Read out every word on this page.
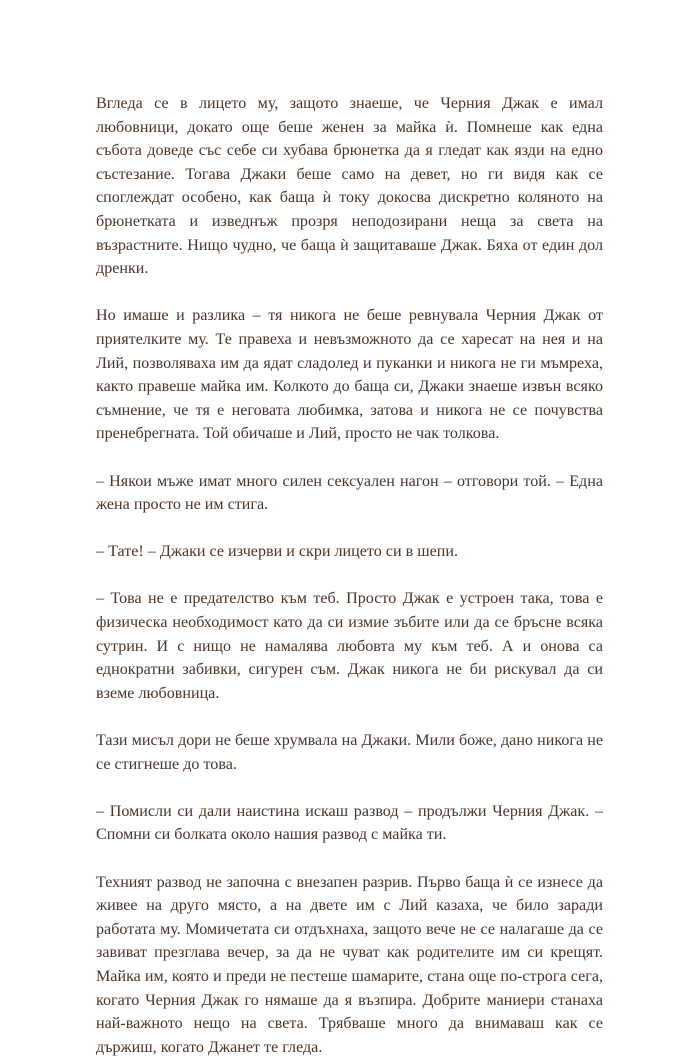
Вгледа се в лицето му, защото знаеше, че Черния Джак е имал любовници, докато още беше женен за майка ѝ. Помнеше как една събота доведе със себе си хубава брюнетка да я гледат как язди на едно състезание. Тогава Джаки беше само на девет, но ги видя как се споглеждат особено, как баща ѝ току докосва дискретно коляното на брюнетката и изведнъж прозря неподозирани неща за света на възрастните. Нищо чудно, че баща ѝ защитаваше Джак. Бяха от един дол дренки.

Но имаше и разлика – тя никога не беше ревнувала Черния Джак от приятелките му. Те правеха и невъзможното да се харесат на нея и на Лий, позволяваха им да ядат сладолед и пуканки и никога не ги мъмреха, както правеше майка им. Колкото до баща си, Джаки знаеше извън всяко съмнение, че тя е неговата любимка, затова и никога не се почувства пренебрегната. Той обичаше и Лий, просто не чак толкова.

– Някои мъже имат много силен сексуален нагон – отговори той. – Една жена просто не им стига.

– Тате! – Джаки се изчерви и скри лицето си в шепи.

– Това не е предателство към теб. Просто Джак е устроен така, това е физическа необходимост като да си измие зъбите или да се бръсне всяка сутрин. И с нищо не намалява любовта му към теб. А и онова са еднократни забивки, сигурен съм. Джак никога не би рискувал да си вземе любовница.

Тази мисъл дори не беше хрумвала на Джаки. Мили боже, дано никога не се стигнеше до това.

– Помисли си дали наистина искаш развод – продължи Черния Джак. – Спомни си болката около нашия развод с майка ти.

Техният развод не започна с внезапен разрив. Първо баща ѝ се изнесе да живее на друго място, а на двете им с Лий казаха, че било заради работата му. Момичетата си отдъхнаха, защото вече не се налагаше да се завиват презглава вечер, за да не чуват как родителите им си крещят. Майка им, която и преди не пестеше шамарите, стана още по-строга сега, когато Черния Джак го нямаше да я възпира. Добрите маниери станаха най-важното нещо на света. Трябваше много да внимаваш как се държиш, когато Джанет те гледа.
